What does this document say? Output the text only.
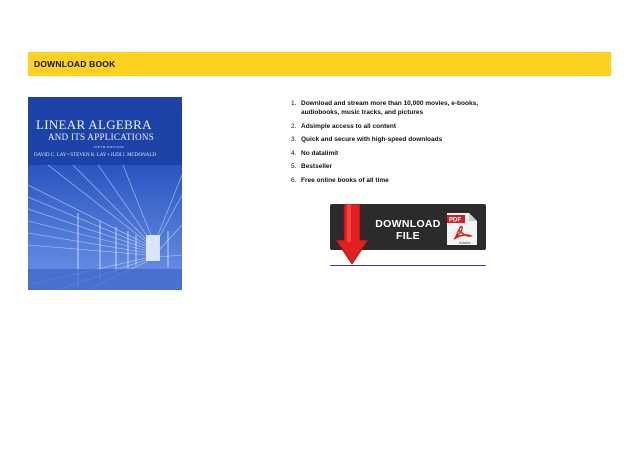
DOWNLOAD BOOK
LINEAR ALGEBRA
AND ITS APPLICATIONS
FIFTH EDITION
DAVID C. LAY • STEVEN R. LAY • JUDI J. MCDONALD
1. Download and stream more than 10,000 movies, e-books, audiobooks, music tracks, and pictures
2. Adsimple access to all content
3. Quick and secure with high-speed downloads
4. No datalimit
5. Bestseller
6. Free online books of all time
DOWNLOAD
FILE
PDF
Adobe
